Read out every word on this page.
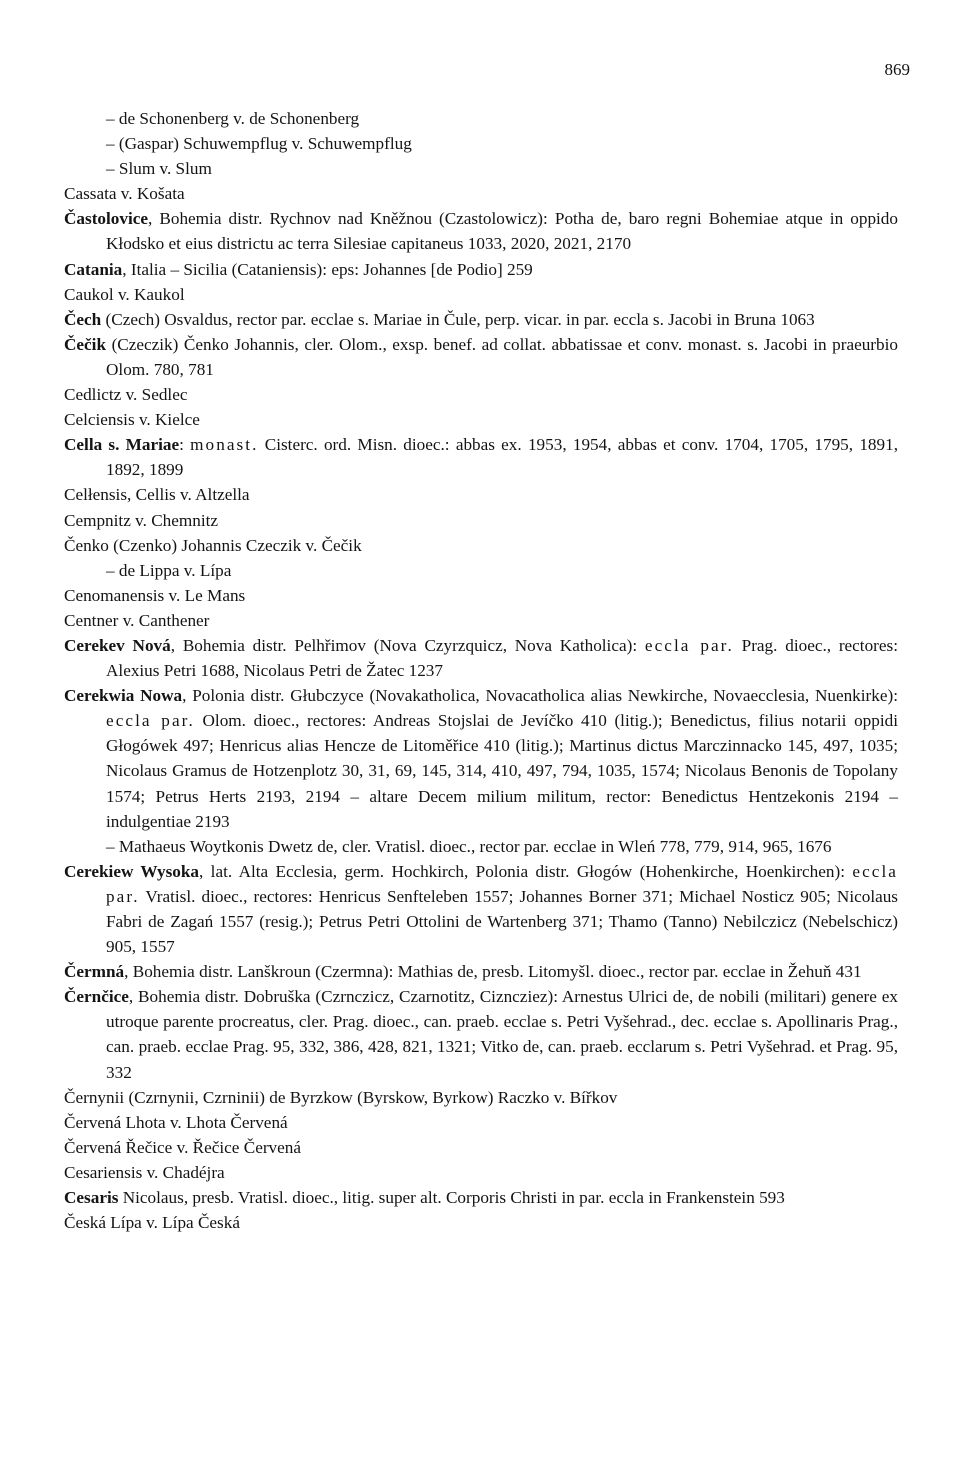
869
– de Schonenberg v. de Schonenberg
– (Gaspar) Schuwempflug v. Schuwempflug
– Slum v. Slum
Cassata v. Košata
Častolovice, Bohemia distr. Rychnov nad Kněžnou (Czastolowicz): Potha de, baro regni Bohemiae atque in oppido Kłodsko et eius districtu ac terra Silesiae capitaneus 1033, 2020, 2021, 2170
Catania, Italia – Sicilia (Cataniensis): eps: Johannes [de Podio] 259
Caukol v. Kaukol
Čech (Czech) Osvaldus, rector par. ecclae s. Mariae in Čule, perp. vicar. in par. eccla s. Jacobi in Bruna 1063
Čečik (Czeczik) Čenko Johannis, cler. Olom., exsp. benef. ad collat. abbatissae et conv. monast. s. Jacobi in praeurbio Olom. 780, 781
Cedlictz v. Sedlec
Celciensis v. Kielce
Cella s. Mariae: monast. Cisterc. ord. Misn. dioec.: abbas ex. 1953, 1954, abbas et conv. 1704, 1705, 1795, 1891, 1892, 1899
Celłensis, Cellis v. Altzella
Cempnitz v. Chemnitz
Čenko (Czenko) Johannis Czeczik v. Čečik
– de Lippa v. Lípa
Cenomanensis v. Le Mans
Centner v. Canthener
Cerekev Nová, Bohemia distr. Pelhřimov (Nova Czyrzquicz, Nova Katholica): eccla par. Prag. dioec., rectores: Alexius Petri 1688, Nicolaus Petri de Žatec 1237
Cerekwia Nowa, Polonia distr. Głubczyce (Novakatholica, Novacatholica alias Newkirche, Novaecclesia, Nuenkirke): eccla par. Olom. dioec., rectores: Andreas Stojslai de Jevíčko 410 (litig.); Benedictus, filius notarii oppidi Głogówek 497; Henricus alias Hencze de Litoměřice 410 (litig.); Martinus dictus Marczinnacko 145, 497, 1035; Nicolaus Gramus de Hotzenplotz 30, 31, 69, 145, 314, 410, 497, 794, 1035, 1574; Nicolaus Benonis de Topolany 1574; Petrus Herts 2193, 2194 – altare Decem milium militum, rector: Benedictus Hentzekonis 2194 – indulgentiae 2193
– Mathaeus Woytkonis Dwetz de, cler. Vratisl. dioec., rector par. ecclae in Wleń 778, 779, 914, 965, 1676
Cerekiew Wysoka, lat. Alta Ecclesia, germ. Hochkirch, Polonia distr. Głogów (Hohenkirche, Hoenkirchen): eccla par. Vratisl. dioec., rectores: Henricus Senfteleben 1557; Johannes Borner 371; Michael Nosticz 905; Nicolaus Fabri de Zagań 1557 (resig.); Petrus Petri Ottolini de Wartenberg 371; Thamo (Tanno) Nebilczicz (Nebelschicz) 905, 1557
Čermná, Bohemia distr. Lanškroun (Czermna): Mathias de, presb. Litomyšl. dioec., rector par. ecclae in Žehuň 431
Černčice, Bohemia distr. Dobruška (Czrnczicz, Czarnotitz, Cizncziez): Arnestus Ulrici de, de nobili (militari) genere ex utroque parente procreatus, cler. Prag. dioec., can. praeb. ecclae s. Petri Vyšehrad., dec. ecclae s. Apollinaris Prag., can. praeb. ecclae Prag. 95, 332, 386, 428, 821, 1321; Vitko de, can. praeb. ecclarum s. Petri Vyšehrad. et Prag. 95, 332
Černynii (Czrnynii, Czrninii) de Byrzkow (Byrskow, Byrkow) Raczko v. Bířkov
Červená Lhota v. Lhota Červená
Červená Řečice v. Řečice Červená
Cesariensis v. Chadéjra
Cesaris Nicolaus, presb. Vratisl. dioec., litig. super alt. Corporis Christi in par. eccla in Frankenstein 593
Česká Lípa v. Lípa Česká
